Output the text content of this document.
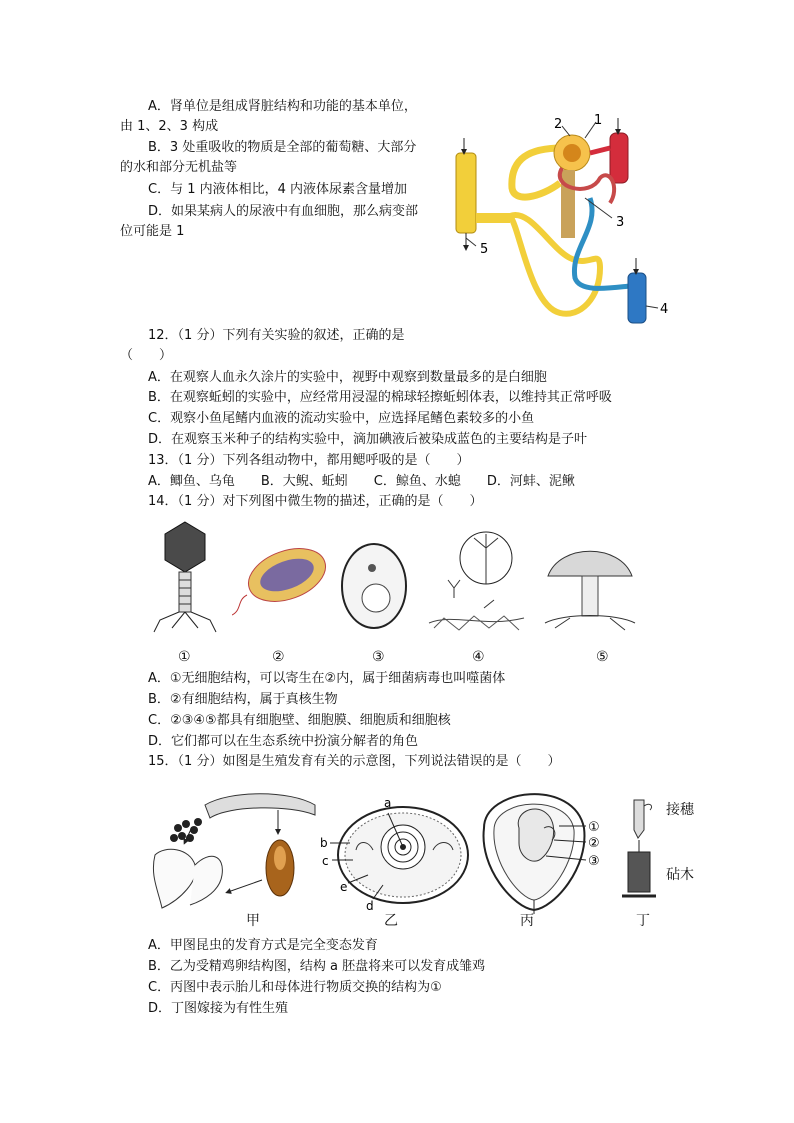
A．肾单位是组成肾脏结构和功能的基本单位，
由 1、2、3 构成
B．3 处重吸收的物质是全部的葡萄糖、大部分
的水和部分无机盐等
C．与 1 内液体相比，4 内液体尿素含量增加
D．如果某病人的尿液中有血细胞，那么病变部
位可能是 1
1
2
3
4
5
12．（1 分）下列有关实验的叙述，正确的是
（　　）
A．在观察人血永久涂片的实验中，视野中观察到数量最多的是白细胞
B．在观察蚯蚓的实验中，应经常用浸湿的棉球轻擦蚯蚓体表，以维持其正常呼吸
C．观察小鱼尾鳍内血液的流动实验中，应选择尾鳍色素较多的小鱼
D．在观察玉米种子的结构实验中，滴加碘液后被染成蓝色的主要结构是子叶
13．（1 分）下列各组动物中，都用鳃呼吸的是（　　）
A．鲫鱼、乌龟　　B．大鲵、蚯蚓　　C．鲸鱼、水螅　　D．河蚌、泥鳅
14．（1 分）对下列图中微生物的描述，正确的是（　　）
①	②	③	④	⑤
A．①无细胞结构，可以寄生在②内，属于细菌病毒也叫噬菌体
B．②有细胞结构，属于真核生物
C．②③④⑤都具有细胞壁、细胞膜、细胞质和细胞核
D．它们都可以在生态系统中扮演分解者的角色
15．（1 分）如图是生殖发育有关的示意图，下列说法错误的是（　　）
a
b
c
d
e
①
②
③
接穗
砧木
甲	乙	丙	丁
A．甲图昆虫的发育方式是完全变态发育
B．乙为受精鸡卵结构图，结构 a 胚盘将来可以发育成雏鸡
C．丙图中表示胎儿和母体进行物质交换的结构为①
D．丁图嫁接为有性生殖
